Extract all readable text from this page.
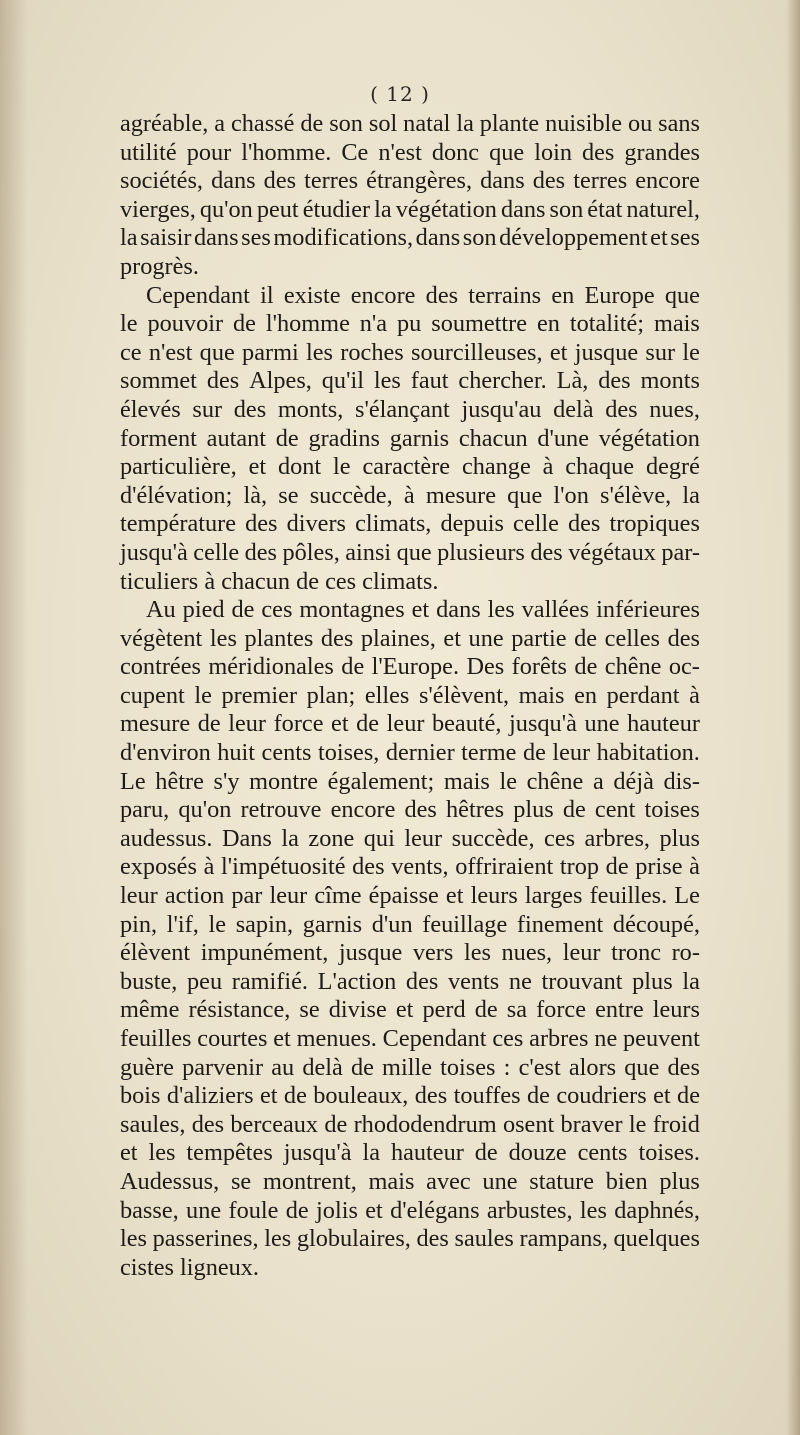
( 12 )
agréable, a chassé de son sol natal la plante nuisible ou sans
utilité pour l'homme. Ce n'est donc que loin des grandes
sociétés, dans des terres étrangères, dans des terres encore
vierges, qu'on peut étudier la végétation dans son état naturel,
la saisir dans ses modifications, dans son développement et ses
progrès.
Cependant il existe encore des terrains en Europe que
le pouvoir de l'homme n'a pu soumettre en totalité; mais
ce n'est que parmi les roches sourcilleuses, et jusque sur le
sommet des Alpes, qu'il les faut chercher. Là, des monts
élevés sur des monts, s'élançant jusqu'au delà des nues,
forment autant de gradins garnis chacun d'une végétation
particulière, et dont le caractère change à chaque degré
d'élévation; là, se succède, à mesure que l'on s'élève, la
température des divers climats, depuis celle des tropiques
jusqu'à celle des pôles, ainsi que plusieurs des végétaux par-
ticuliers à chacun de ces climats.
Au pied de ces montagnes et dans les vallées inférieures
végètent les plantes des plaines, et une partie de celles des
contrées méridionales de l'Europe. Des forêts de chêne oc-
cupent le premier plan; elles s'élèvent, mais en perdant à
mesure de leur force et de leur beauté, jusqu'à une hauteur
d'environ huit cents toises, dernier terme de leur habitation.
Le hêtre s'y montre également; mais le chêne a déjà dis-
paru, qu'on retrouve encore des hêtres plus de cent toises
audessus. Dans la zone qui leur succède, ces arbres, plus
exposés à l'impétuosité des vents, offriraient trop de prise à
leur action par leur cîme épaisse et leurs larges feuilles. Le
pin, l'if, le sapin, garnis d'un feuillage finement découpé,
élèvent impunément, jusque vers les nues, leur tronc ro-
buste, peu ramifié. L'action des vents ne trouvant plus la
même résistance, se divise et perd de sa force entre leurs
feuilles courtes et menues. Cependant ces arbres ne peuvent
guère parvenir au delà de mille toises : c'est alors que des
bois d'aliziers et de bouleaux, des touffes de coudriers et de
saules, des berceaux de rhododendrum osent braver le froid
et les tempêtes jusqu'à la hauteur de douze cents toises.
Audessus, se montrent, mais avec une stature bien plus
basse, une foule de jolis et d'elégans arbustes, les daphnés,
les passerines, les globulaires, des saules rampans, quelques
cistes ligneux.
